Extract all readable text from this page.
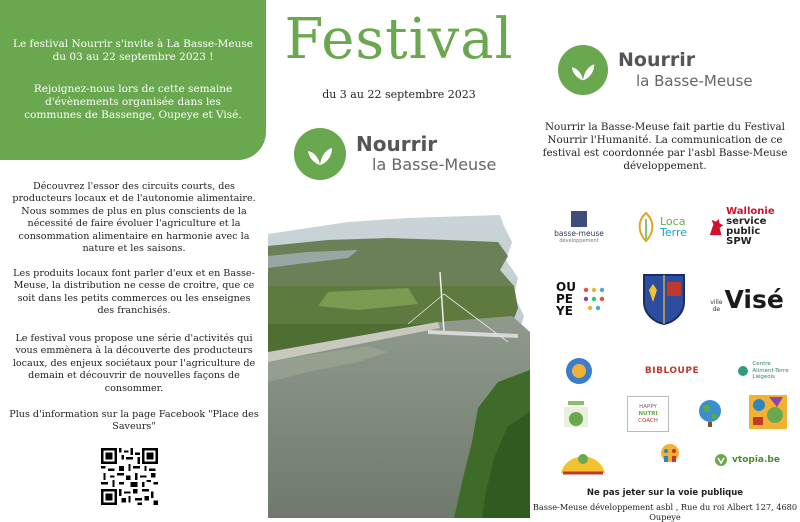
Le festival Nourrir s'invite à La Basse-Meuse du 03 au 22 septembre 2023 !

Rejoignez-nous lors de cette semaine d'évènements organisée dans les communes de Bassenge, Oupeye et Visé.

Découvrez l'essor des circuits courts, des producteurs locaux et de l'autonomie alimentaire. Nous sommes de plus en plus conscients de la nécessité de faire évoluer l'agriculture et la consommation alimentaire en harmonie avec la nature et les saisons.

Les produits locaux font parler d'eux et en Basse-Meuse, la distribution ne cesse de croitre, que ce soit dans les petits commerces ou les enseignes des franchisés.

Le festival vous propose une série d'activités qui vous emmènera à la découverte des producteurs locaux, des enjeux sociétaux pour l'agriculture de demain et découvrir de nouvelles façons de consommer.

Plus d'information sur la page Facebook "Place des Saveurs"

Festival
du 3 au 22 septembre 2023
Nourrir
la Basse-Meuse
Nourrir
la Basse-Meuse

Nourrir la Basse-Meuse fait partie du Festival Nourrir l'Humanité. La communication de ce festival est coordonnée par l'asbl Basse-Meuse développement.

basse-meuse
développement
Loca
Terre
Wallonie
service public
SPW
OU
PE
YE
ville de Visé
BIBLOUPE
Centre
Aliment-Terre
Liégeois
HAPPY
NUTRI
COACH
vtopia.be
Ne pas jeter sur la voie publique
Basse-Meuse développement asbl , Rue du roi Albert 127, 4680 Oupeye
